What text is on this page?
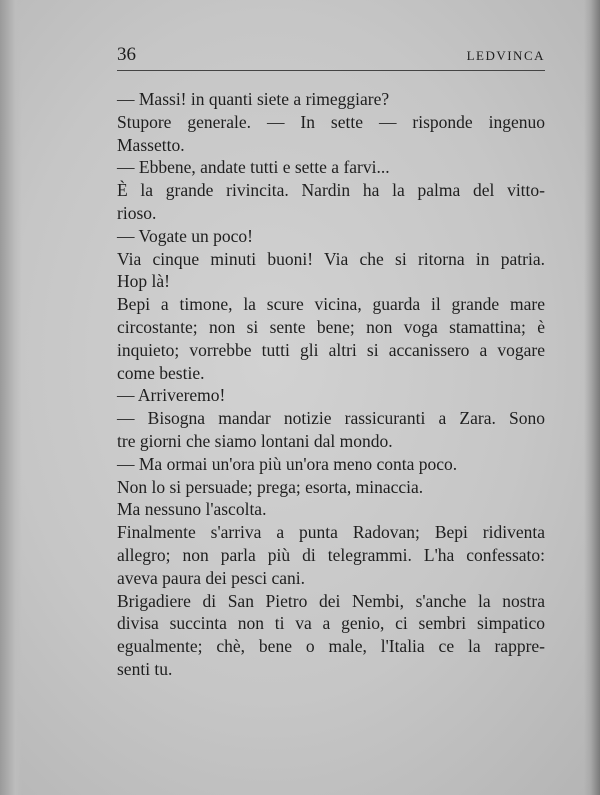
36	LEDVINCA
— Massi! in quanti siete a rimeggiare?
Stupore generale. — In sette — risponde ingenuo
Massetto.
— Ebbene, andate tutti e sette a farvi...
È la grande rivincita. Nardin ha la palma del vitto-
rioso.
— Vogate un poco!
Via cinque minuti buoni! Via che si ritorna in patria.
Hop là!
Bepi a timone, la scure vicina, guarda il grande mare
circostante; non si sente bene; non voga stamattina; è
inquieto; vorrebbe tutti gli altri si accanissero a vogare
come bestie.
— Arriveremo!
— Bisogna mandar notizie rassicuranti a Zara. Sono
tre giorni che siamo lontani dal mondo.
— Ma ormai un'ora più un'ora meno conta poco.
Non lo si persuade; prega; esorta, minaccia.
Ma nessuno l'ascolta.
Finalmente s'arriva a punta Radovan; Bepi ridiventa
allegro; non parla più di telegrammi. L'ha confessato:
aveva paura dei pesci cani.
Brigadiere di San Pietro dei Nembi, s'anche la nostra
divisa succinta non ti va a genio, ci sembri simpatico
egualmente; chè, bene o male, l'Italia ce la rappre-
senti tu.
